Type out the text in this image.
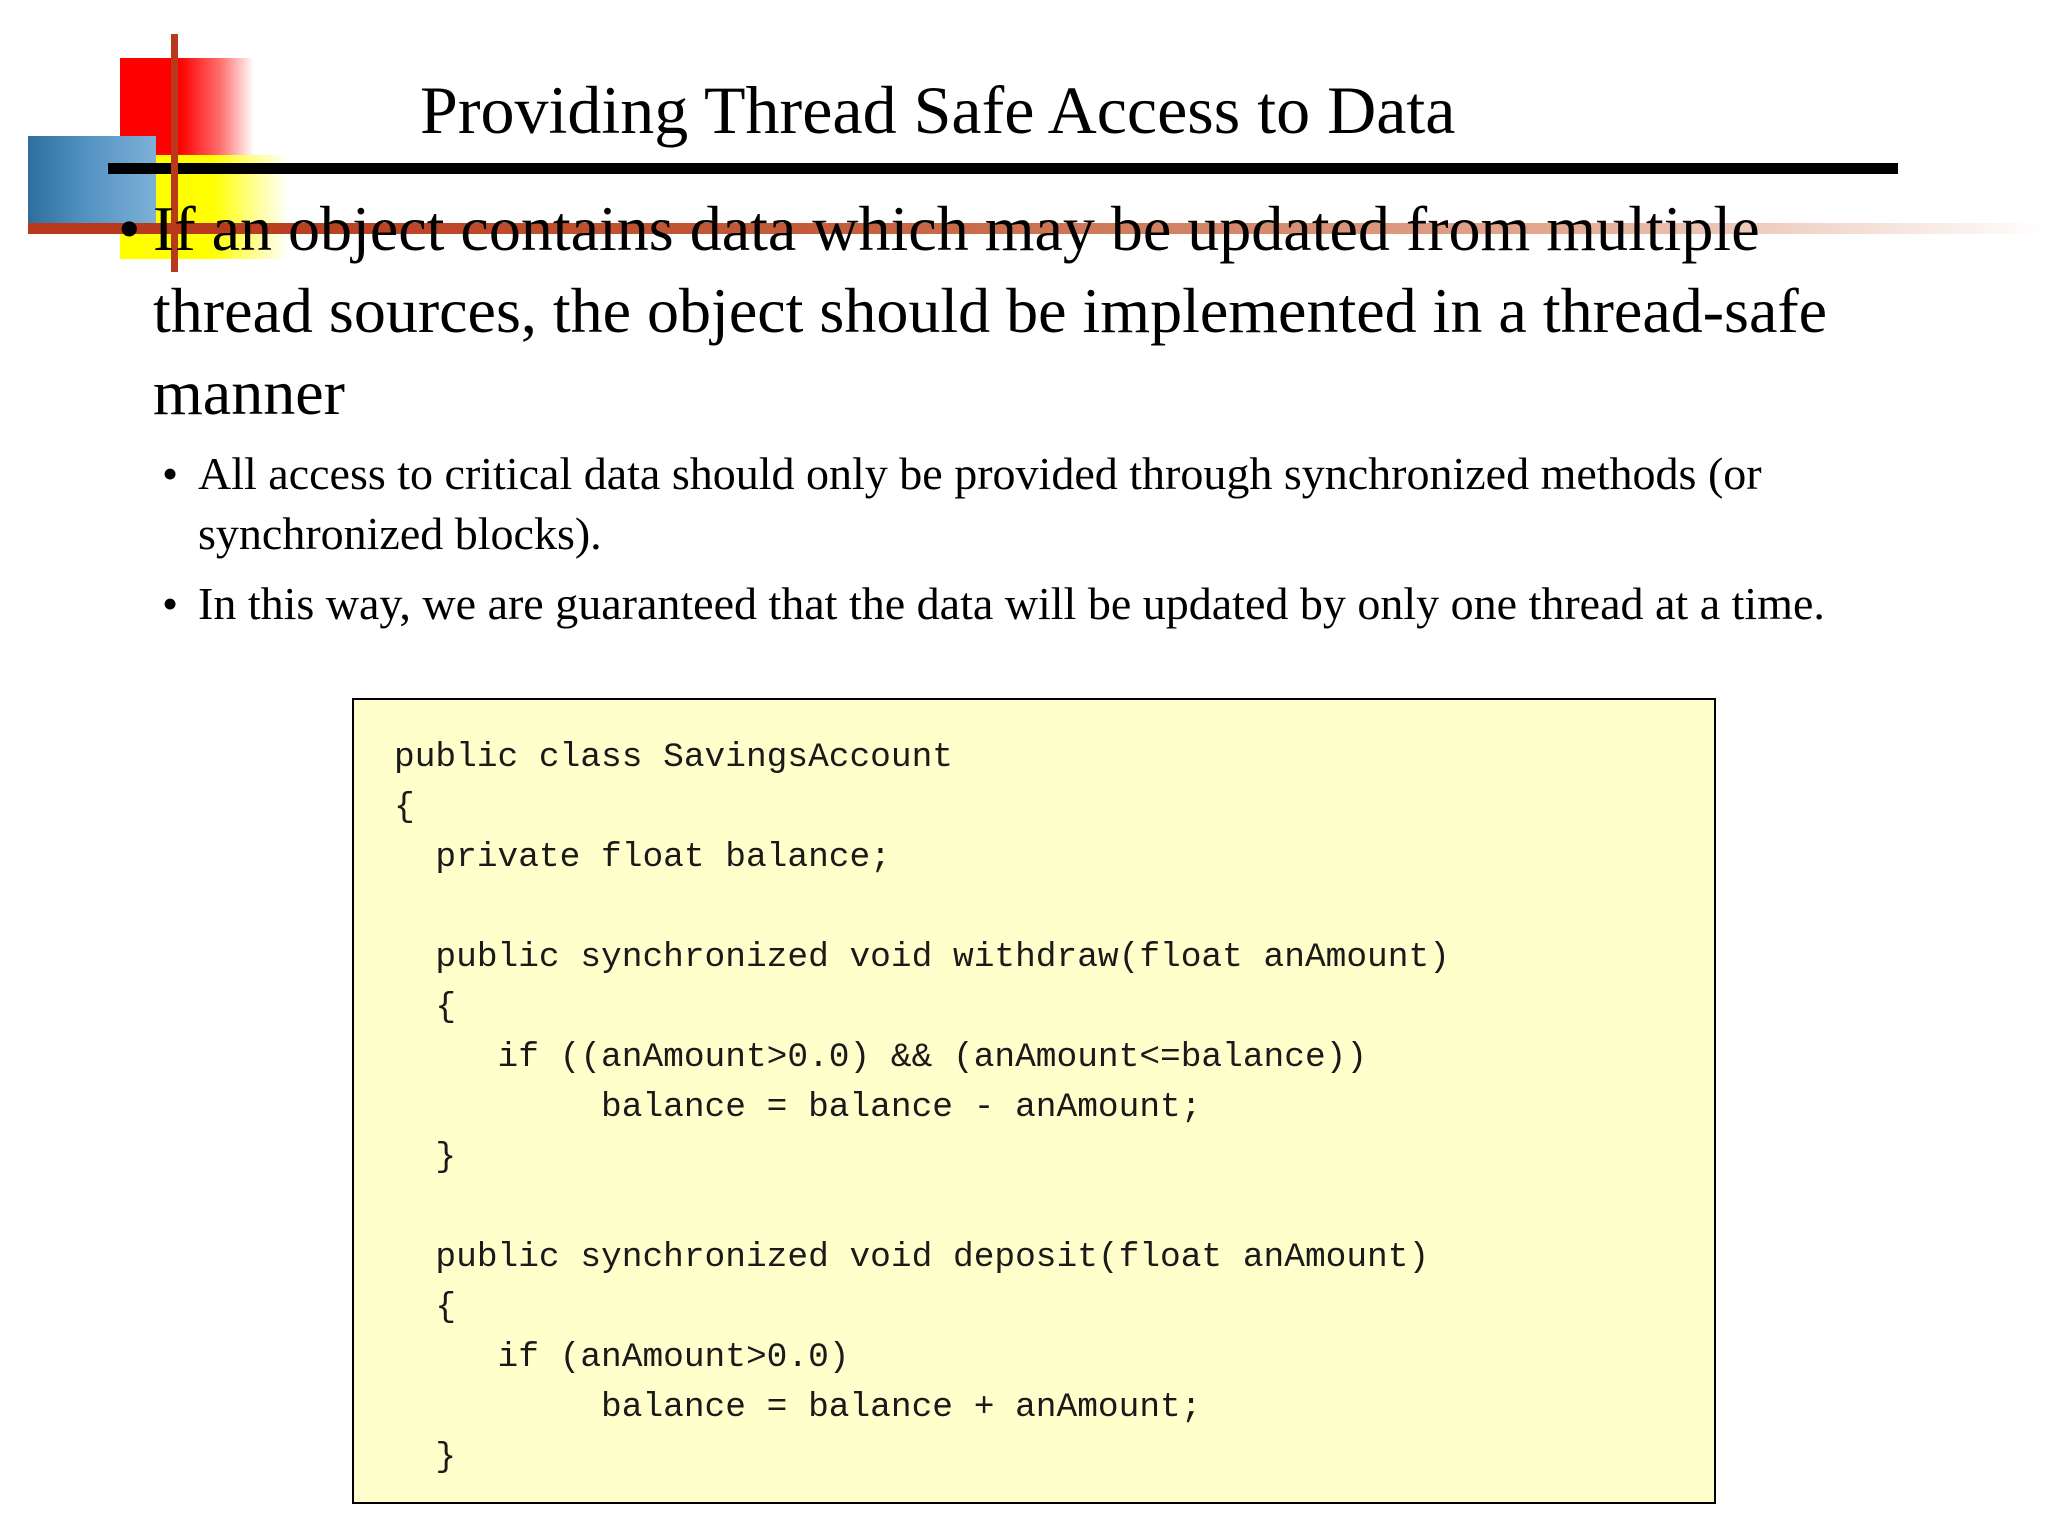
Providing Thread Safe Access to Data
• If an object contains data which may be updated from multiple thread sources, the object should be implemented in a thread-safe manner
• All access to critical data should only be provided through synchronized methods (or synchronized blocks).
• In this way, we are guaranteed that the data will be updated by only one thread at a time.
public class SavingsAccount
{
private float balance;
public synchronized void withdraw(float anAmount)
{
if ((anAmount>0.0) && (anAmount<=balance))
balance = balance - anAmount;
}
public synchronized void deposit(float anAmount)
{
if (anAmount>0.0)
balance = balance + anAmount;
}
